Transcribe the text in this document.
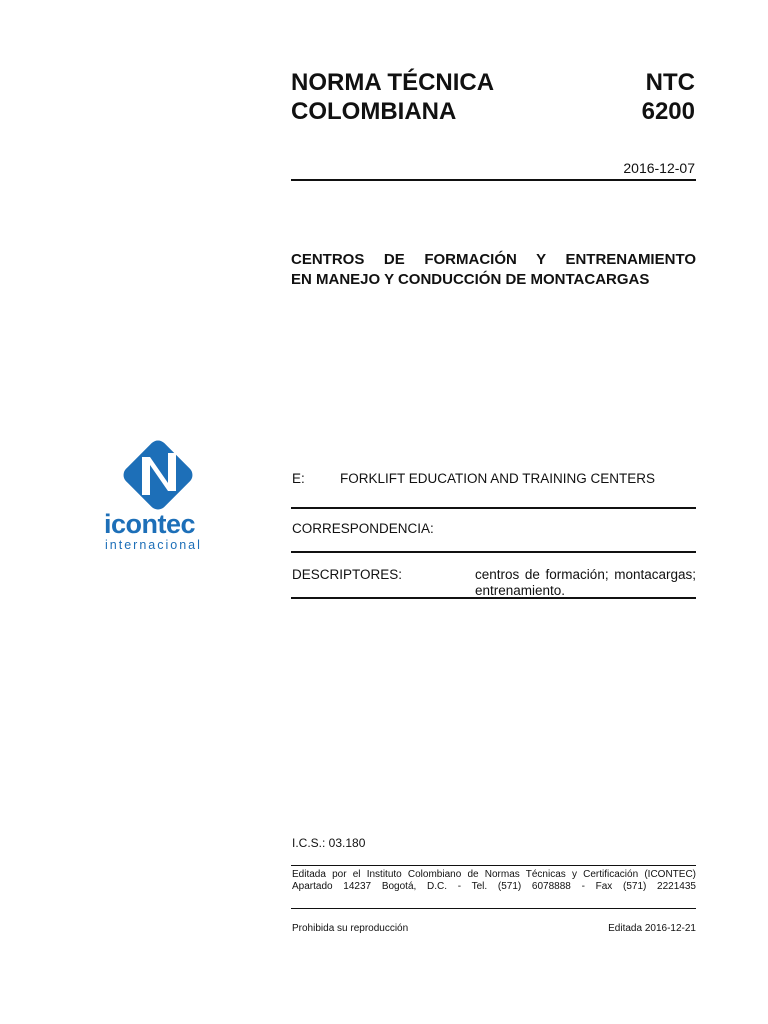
NORMA TÉCNICA
COLOMBIANA
NTC
6200
2016-12-07
CENTROS DE FORMACIÓN Y ENTRENAMIENTO
EN MANEJO Y CONDUCCIÓN DE MONTACARGAS
icontec
internacional
E:	FORKLIFT EDUCATION AND TRAINING CENTERS
CORRESPONDENCIA:
DESCRIPTORES:	centros de formación; montacargas;
entrenamiento.
I.C.S.: 03.180
Editada por el Instituto Colombiano de Normas Técnicas y Certificación (ICONTEC)
Apartado 14237 Bogotá, D.C. - Tel. (571) 6078888 - Fax (571) 2221435
Prohibida su reproducción	Editada 2016-12-21
